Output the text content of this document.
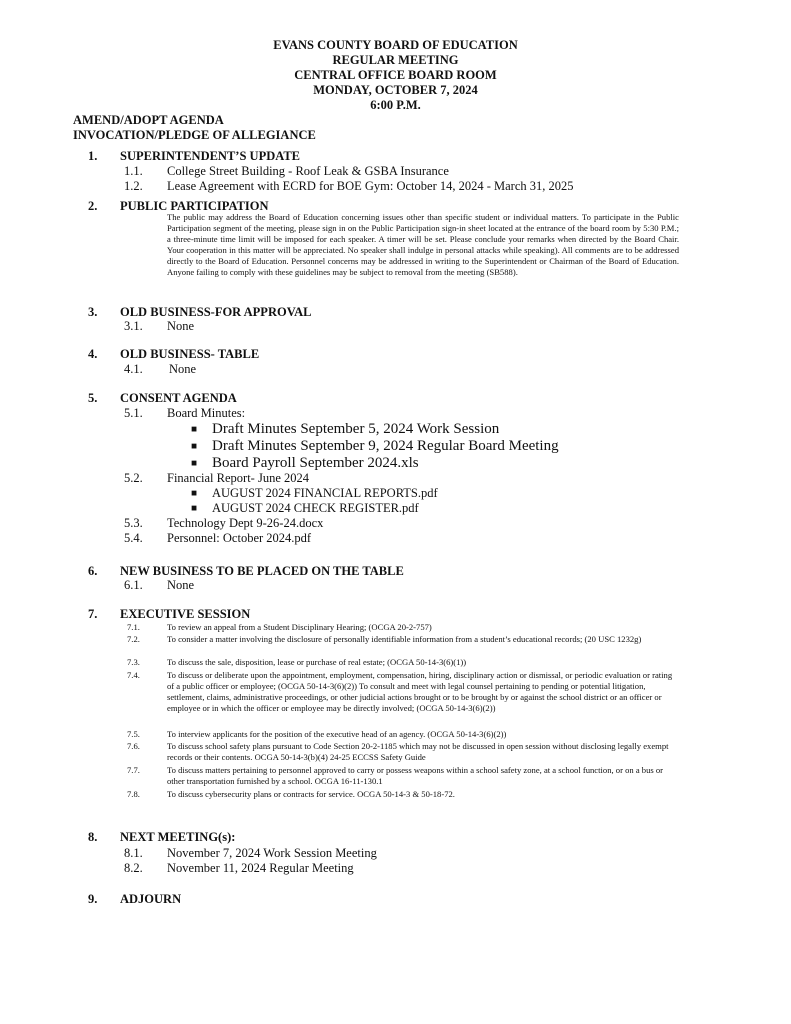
EVANS COUNTY BOARD OF EDUCATION
REGULAR MEETING
CENTRAL OFFICE BOARD ROOM
MONDAY, OCTOBER 7, 2024
6:00 P.M.
AMEND/ADOPT AGENDA
INVOCATION/PLEDGE OF ALLEGIANCE
1. SUPERINTENDENT’S UPDATE
1.1. College Street Building - Roof Leak & GSBA Insurance
1.2. Lease Agreement with ECRD for BOE Gym: October 14, 2024 - March 31, 2025
2. PUBLIC PARTICIPATION
The public may address the Board of Education concerning issues other than specific student or individual matters. To participate in the Public Participation segment of the meeting, please sign in on the Public Participation sign-in sheet located at the entrance of the board room by 5:30 P.M.; a three-minute time limit will be imposed for each speaker. A timer will be set. Please conclude your remarks when directed by the Board Chair. Your cooperation in this matter will be appreciated. No speaker shall indulge in personal attacks while speaking). All comments are to be addressed directly to the Board of Education. Personnel concerns may be addressed in writing to the Superintendent or Chairman of the Board of Education. Anyone failing to comply with these guidelines may be subject to removal from the meeting (SB588).
3. OLD BUSINESS-FOR APPROVAL
3.1. None
4. OLD BUSINESS- TABLE
4.1. None
5. CONSENT AGENDA
5.1. Board Minutes:
■ Draft Minutes September 5, 2024 Work Session
■ Draft Minutes September 9, 2024 Regular Board Meeting
■ Board Payroll September 2024.xls
5.2. Financial Report- June 2024
■ AUGUST 2024 FINANCIAL REPORTS.pdf
■ AUGUST 2024 CHECK REGISTER.pdf
5.3. Technology Dept 9-26-24.docx
5.4. Personnel: October 2024.pdf
6. NEW BUSINESS TO BE PLACED ON THE TABLE
6.1. None
7. EXECUTIVE SESSION
7.1.	To review an appeal from a Student Disciplinary Hearing; (OCGA 20-2-757)
7.2.	To consider a matter involving the disclosure of personally identifiable information from a student’s educational records; (20 USC 1232g)
7.3.	To discuss the sale, disposition, lease or purchase of real estate; (OCGA 50-14-3(6)(1))
7.4.	To discuss or deliberate upon the appointment, employment, compensation, hiring, disciplinary action or dismissal, or periodic evaluation or rating of a public officer or employee; (OCGA 50-14-3(6)(2)) To consult and meet with legal counsel pertaining to pending or potential litigation, settlement, claims, administrative proceedings, or other judicial actions brought or to be brought by or against the school district or an officer or employee or in which the officer or employee may be directly involved; (OCGA 50-14-3(6)(2))
7.5.	To interview applicants for the position of the executive head of an agency. (OCGA 50-14-3(6)(2))
7.6.	To discuss school safety plans pursuant to Code Section 20-2-1185 which may not be discussed in open session without disclosing legally exempt records or their contents. OCGA 50-14-3(b)(4) 24-25 ECCSS Safety Guide
7.7.	To discuss matters pertaining to personnel approved to carry or possess weapons within a school safety zone, at a school function, or on a bus or other transportation furnished by a school. OCGA 16-11-130.1
7.8.	To discuss cybersecurity plans or contracts for service. OCGA 50-14-3 & 50-18-72.
8. NEXT MEETING(s):
8.1. November 7, 2024 Work Session Meeting
8.2. November 11, 2024 Regular Meeting
9. ADJOURN
